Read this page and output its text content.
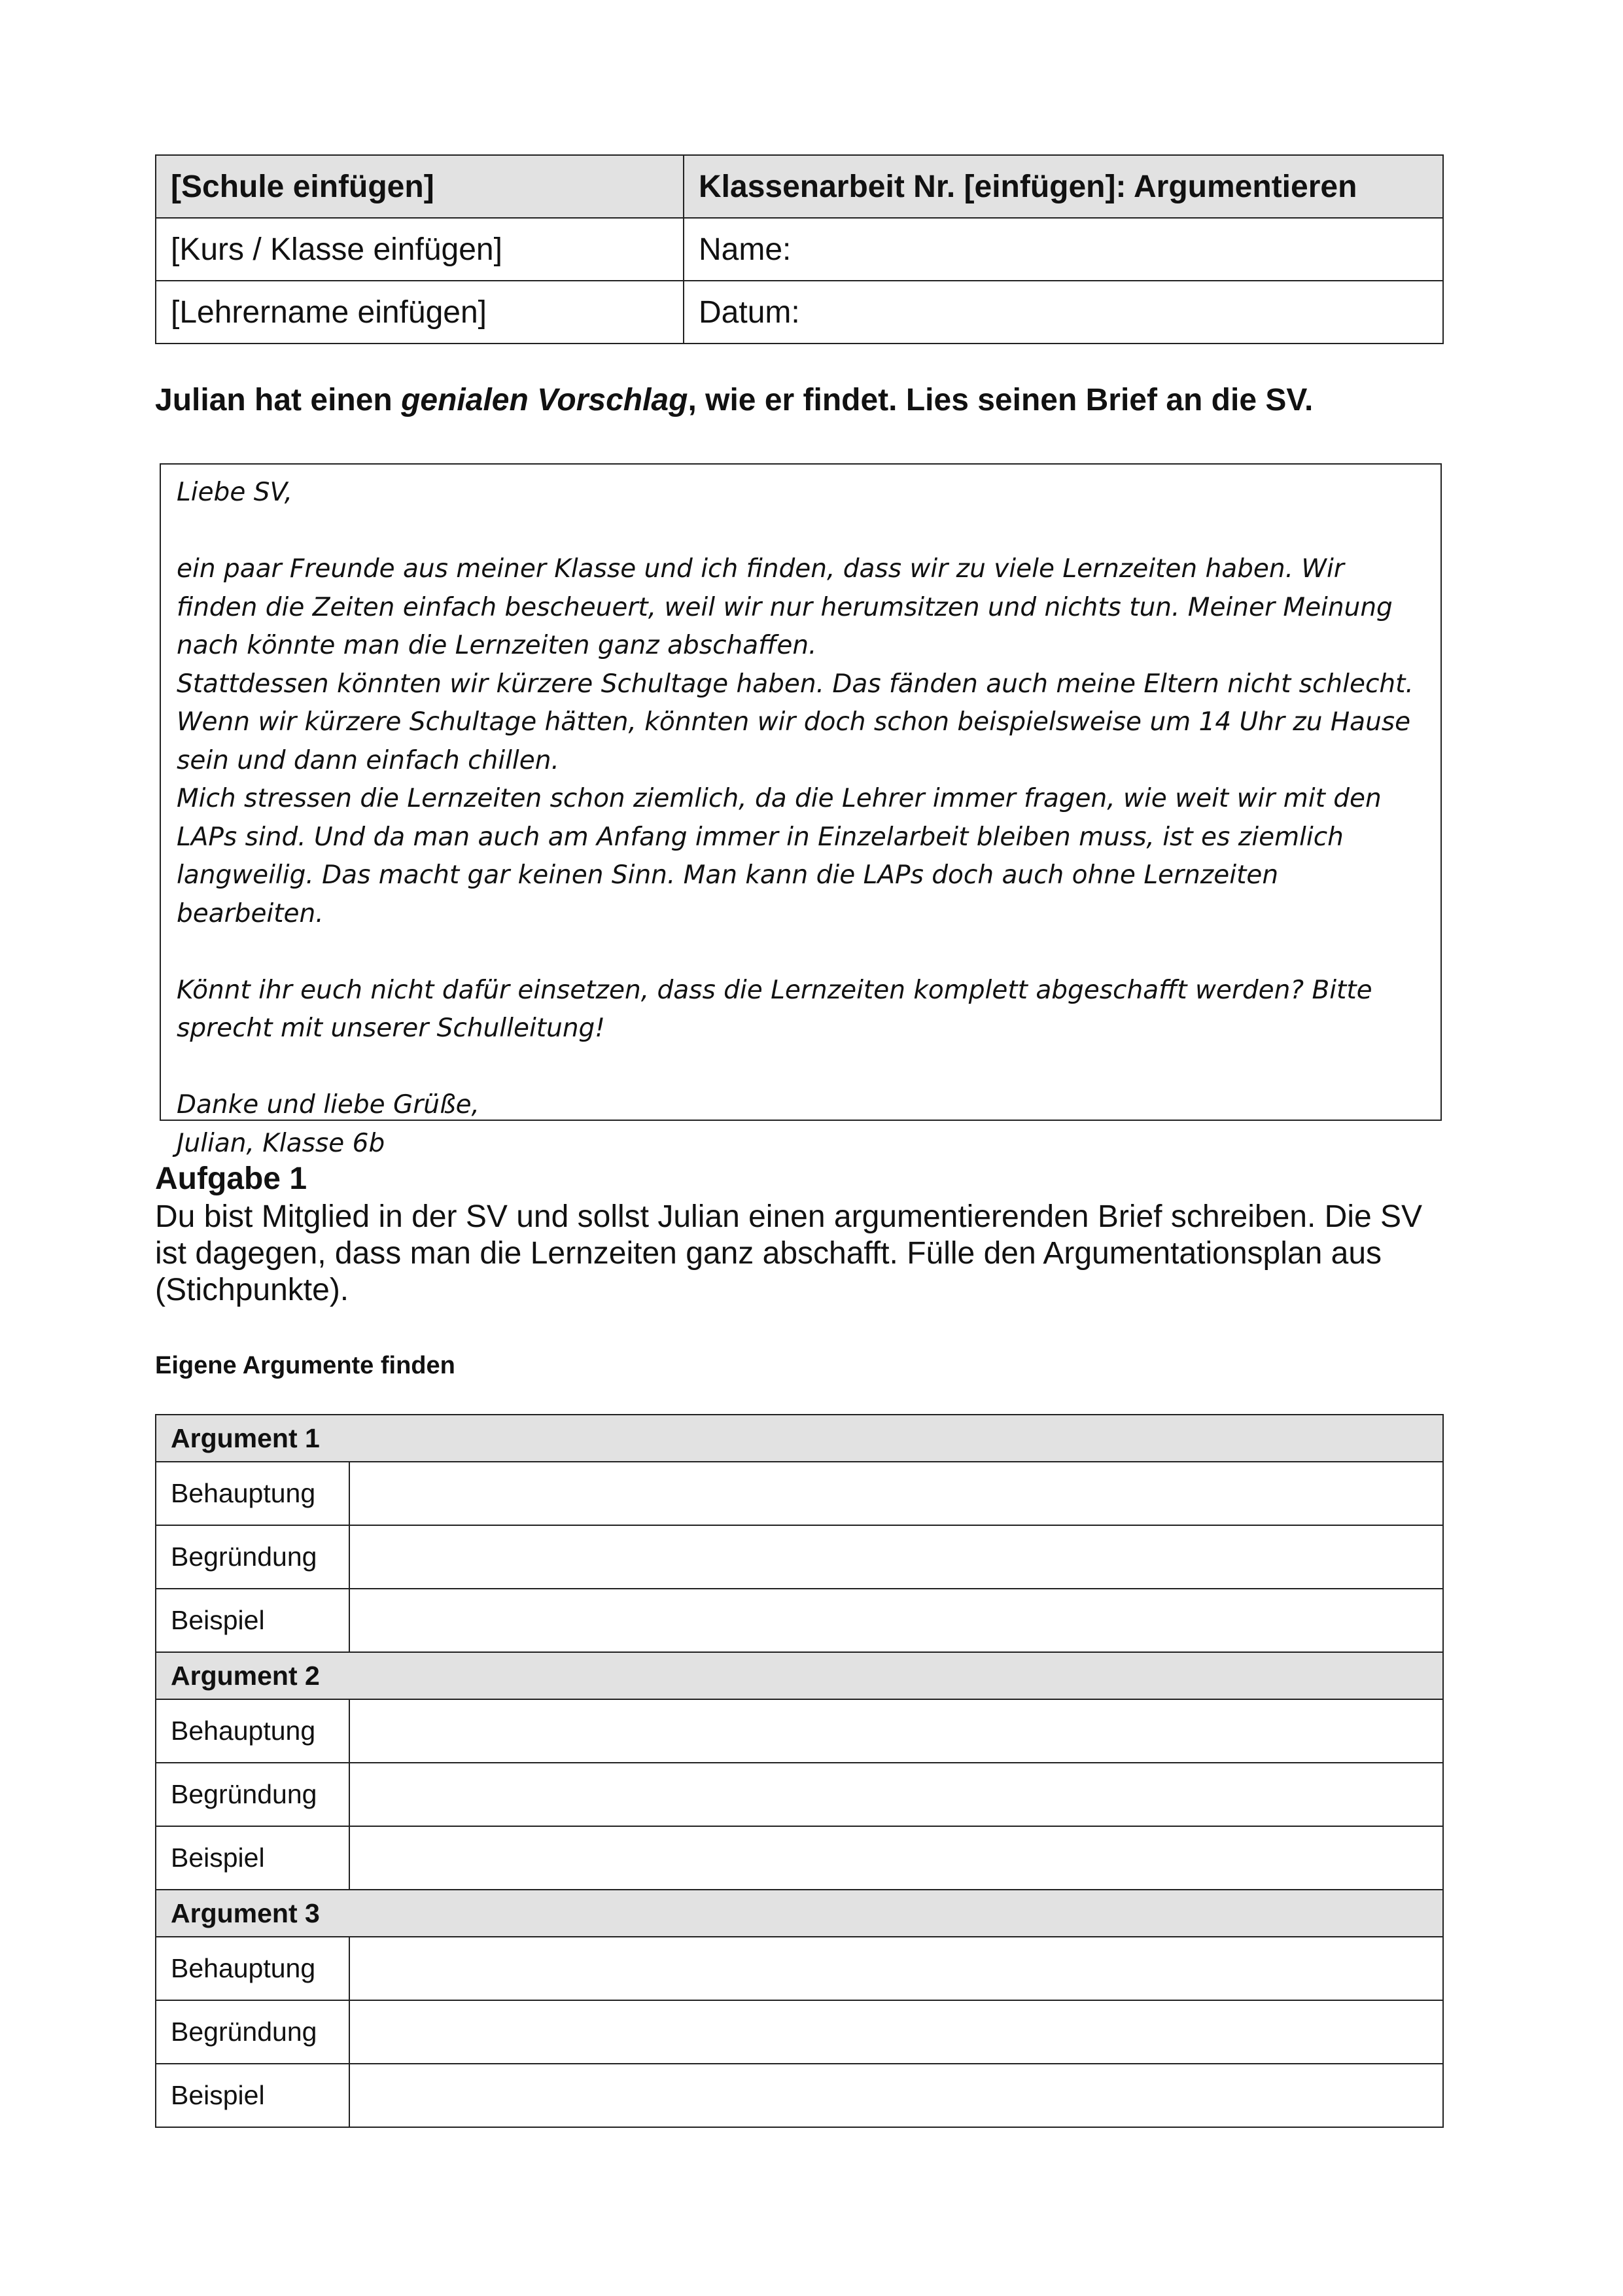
[Schule einfügen]	Klassenarbeit Nr. [einfügen]: Argumentieren
[Kurs / Klasse einfügen]	Name:
[Lehrername einfügen]	Datum:
Julian hat einen genialen Vorschlag, wie er findet. Lies seinen Brief an die SV.

Liebe SV,

ein paar Freunde aus meiner Klasse und ich finden, dass wir zu viele Lernzeiten haben. Wir finden die Zeiten einfach bescheuert, weil wir nur herumsitzen und nichts tun. Meiner Meinung nach könnte man die Lernzeiten ganz abschaffen.

Stattdessen könnten wir kürzere Schultage haben. Das fänden auch meine Eltern nicht schlecht. Wenn wir kürzere Schultage hätten, könnten wir doch schon beispielsweise um 14 Uhr zu Hause sein und dann einfach chillen.

Mich stressen die Lernzeiten schon ziemlich, da die Lehrer immer fragen, wie weit wir mit den LAPs sind. Und da man auch am Anfang immer in Einzelarbeit bleiben muss, ist es ziemlich langweilig. Das macht gar keinen Sinn. Man kann die LAPs doch auch ohne Lernzeiten bearbeiten.

Könnt ihr euch nicht dafür einsetzen, dass die Lernzeiten komplett abgeschafft werden? Bitte sprecht mit unserer Schulleitung!

Danke und liebe Grüße,

Julian, Klasse 6b

Aufgabe 1
Du bist Mitglied in der SV und sollst Julian einen argumentierenden Brief schreiben. Die SV ist dagegen, dass man die Lernzeiten ganz abschafft. Fülle den Argumentationsplan aus (Stichpunkte).
Eigene Argumente finden
Argument 1	
Behauptung	
Begründung	
Beispiel	
Argument 2	
Behauptung	
Begründung	
Beispiel	
Argument 3	
Behauptung	
Begründung	
Beispiel	
